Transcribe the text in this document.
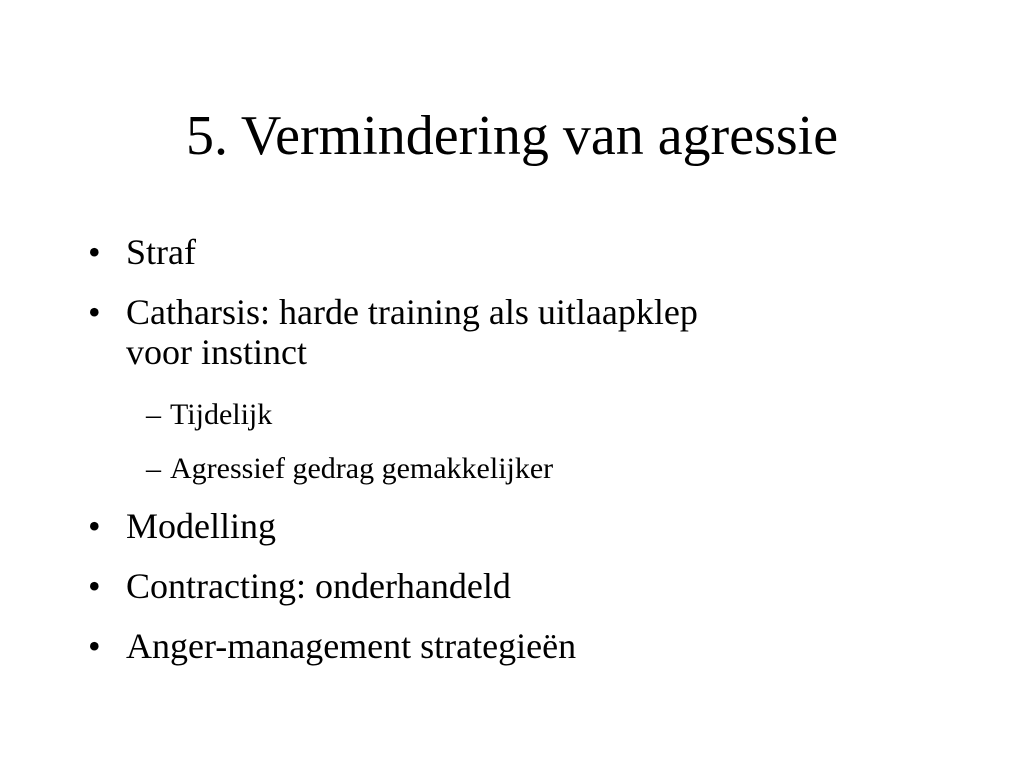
5. Vermindering van agressie
• Straf
• Catharsis: harde training als uitlaapklep
voor instinct
– Tijdelijk
– Agressief gedrag gemakkelijker
• Modelling
• Contracting: onderhandeld
• Anger-management strategieën
